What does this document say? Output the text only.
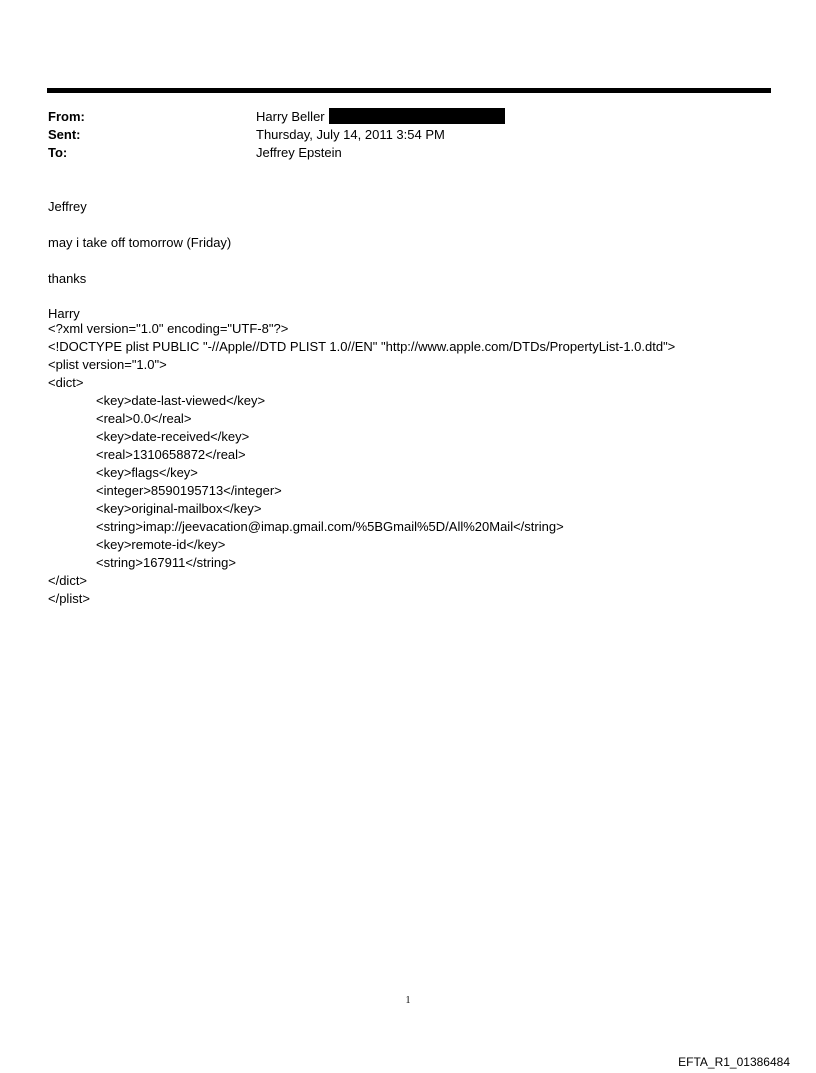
From:	Harry Beller
Sent:	Thursday, July 14, 2011 3:54 PM
To:	Jeffrey Epstein
Jeffrey
may i take off tomorrow (Friday)
thanks
Harry
<?xml version="1.0" encoding="UTF-8"?>
<!DOCTYPE plist PUBLIC "-//Apple//DTD PLIST 1.0//EN" "http://www.apple.com/DTDs/PropertyList-1.0.dtd">
<plist version="1.0">
<dict>
<key>date-last-viewed</key>
<real>0.0</real>
<key>date-received</key>
<real>1310658872</real>
<key>flags</key>
<integer>8590195713</integer>
<key>original-mailbox</key>
<string>imap://jeevacation@imap.gmail.com/%5BGmail%5D/All%20Mail</string>
<key>remote-id</key>
<string>167911</string>
</dict>
</plist>
1
EFTA_R1_01386484
